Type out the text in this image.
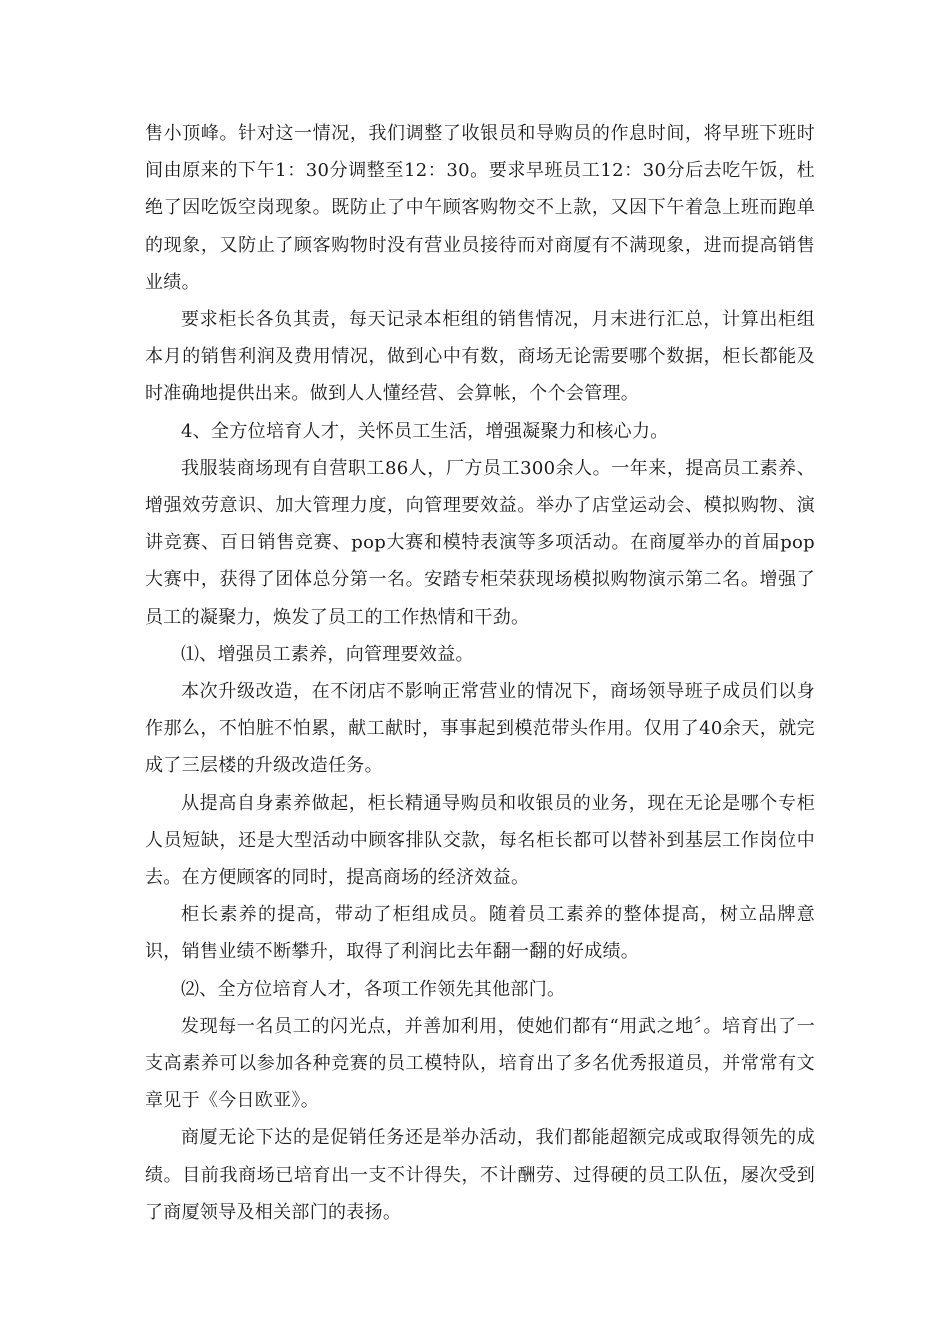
售小顶峰。针对这一情况，我们调整了收银员和导购员的作息时间，将早班下班时间由原来的下午1：30分调整至12：30。要求早班员工12：30分后去吃午饭，杜绝了因吃饭空岗现象。既防止了中午顾客购物交不上款，又因下午着急上班而跑单的现象，又防止了顾客购物时没有营业员接待而对商厦有不满现象，进而提高销售业绩。

要求柜长各负其责，每天记录本柜组的销售情况，月末进行汇总，计算出柜组本月的销售利润及费用情况，做到心中有数，商场无论需要哪个数据，柜长都能及时准确地提供出来。做到人人懂经营、会算帐，个个会管理。

4、全方位培育人才，关怀员工生活，增强凝聚力和核心力。

我服装商场现有自营职工86人，厂方员工300余人。一年来，提高员工素养、增强效劳意识、加大管理力度，向管理要效益。举办了店堂运动会、模拟购物、演讲竞赛、百日销售竞赛、pop大赛和模特表演等多项活动。在商厦举办的首届pop大赛中，获得了团体总分第一名。安踏专柜荣获现场模拟购物演示第二名。增强了员工的凝聚力，焕发了员工的工作热情和干劲。

⑴、增强员工素养，向管理要效益。

本次升级改造，在不闭店不影响正常营业的情况下，商场领导班子成员们以身作那么，不怕脏不怕累，献工献时，事事起到模范带头作用。仅用了40余天，就完成了三层楼的升级改造任务。

从提高自身素养做起，柜长精通导购员和收银员的业务，现在无论是哪个专柜人员短缺，还是大型活动中顾客排队交款，每名柜长都可以替补到基层工作岗位中去。在方便顾客的同时，提高商场的经济效益。

柜长素养的提高，带动了柜组成员。随着员工素养的整体提高，树立品牌意识，销售业绩不断攀升，取得了利润比去年翻一翻的好成绩。

⑵、全方位培育人才，各项工作领先其他部门。

发现每一名员工的闪光点，并善加利用，使她们都有“用武之地〞。培育出了一支高素养可以参加各种竞赛的员工模特队，培育出了多名优秀报道员，并常常有文章见于《今日欧亚》。

商厦无论下达的是促销任务还是举办活动，我们都能超额完成或取得领先的成绩。目前我商场已培育出一支不计得失，不计酬劳、过得硬的员工队伍，屡次受到了商厦领导及相关部门的表扬。
